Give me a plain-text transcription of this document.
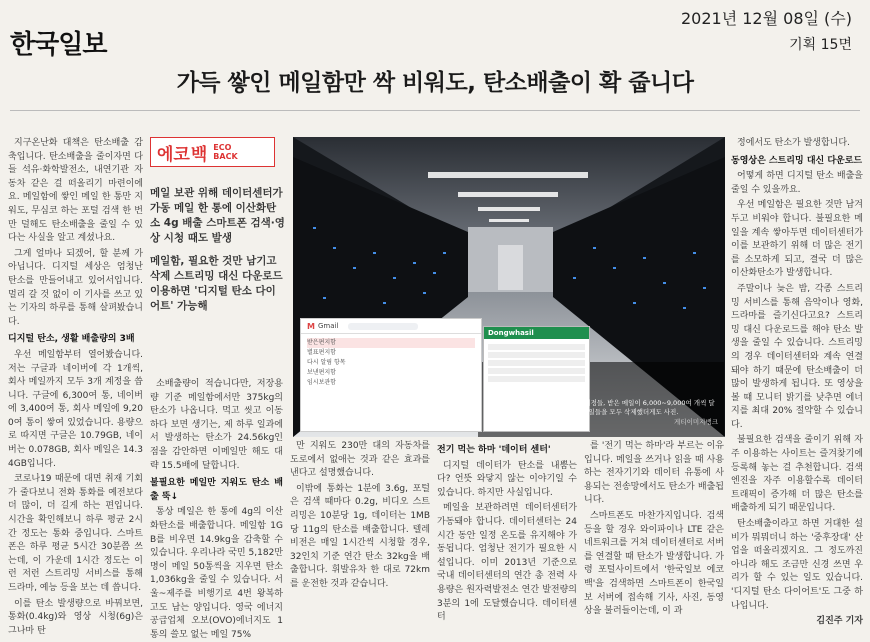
한국일보
2021년 12월 08일 (수)
기획 15면
가득 쌓인 메일함만 싹 비워도, 탄소배출이 확 줍니다

지구온난화 대책은 탄소배출 감축입니다. 탄소배출을 줄이자면 다들 석유·화학발전소, 내연기관 자동차 같은 걸 떠올리기 마련이에요. 메일함에 쌓인 메일 한 통만 지워도, 무심코 하는 포털 검색 한 번만 덜해도 탄소배출을 줄일 수 있다는 사실을 알고 계셨나요.

그게 얼마나 되겠어, 할 분께 가 아닙니다. 디지털 세상은 엄청난 탄소를 만들어내고 있어서입니다. 멀리 갈 것 없이 이 기사를 쓰고 있는 기자의 하루를 통해 살펴봤습니다.

디지털 탄소, 생활 배출량의 3배

우선 메일함부터 열어봤습니다. 저는 구글과 네이버에 각 1개씩, 회사 메일까지 모두 3개 계정을 씁니다. 구글에 6,300여 통, 네이버에 3,400여 통, 회사 메일에 9,200여 통이 쌓여 있었습니다. 용량으로 따지면 구글은 10.79GB, 네이버는 0.078GB, 회사 메일은 14.34GB입니다.

코로나19 때문에 대면 취재 기회가 줄다보니 전화 통화를 예전보다 더 많이, 더 길게 하는 편입니다. 시간을 확인해보니 하루 평균 2시간 정도는 통화 중입니다. 스마트폰은 하루 평균 5시간 30분쯤 쓰는데, 이 가운데 1시간 정도는 이런 저런 스트리밍 서비스를 통해 드라마, 예능 등을 보는 데 씁니다.

이를 탄소 발생량으로 바꿔보면, 통화(0.4kg)와 영상 시청(6g)은 그나마 탄

에코 백 ECO
BACK

메일 보관 위해 데이터센터가 가동 메일 한 통에 이산화탄소 4g 배출 스마트폰 검색·영상 시청 때도 발생

메일함, 필요한 것만 남기고 삭제 스트리밍 대신 다운로드 이용하면 '디지털 탄소 다이어트' 가능해

M Gmail
받은편지함
별표편지함
다시 알림 항목
보낸편지함
임시보관함
Dongwhasil
데이터센터 내부 모습. 거지와 메일 계정들, 받은 메일이 6,000~9,000여 개씩 달한다. 가시를 작성하면서 불필요한 메일들을 모두 삭제했더게도 사진.
게티이미지뱅크

소배출량이 적습니다만, 저장용량 기준 메일함에서만 375kg의 탄소가 나옵니다. 먹고 씻고 이동하다 보면 생기는, 제 하루 일과에서 발생하는 탄소가 24.56kg인 점을 감안하면 이메일만 해도 대략 15.5배에 달합니다.

불필요한 메일만 지워도 탄소 배출 뚝↓

통상 메일은 한 통에 4g의 이산화탄소를 배출합니다. 메일함 1GB를 비우면 14.9kg을 감축할 수 있습니다. 우리나라 국민 5,182만 명이 메일 50통씩을 지우면 탄소 1,036kg을 줄일 수 있습니다. 서울~제주를 비행기로 4번 왕복하고도 남는 양입니다. 영국 에너지공급업체 오보(OVO)에너지도 1통의 쓸모 없는 메일 75%

만 지워도 230만 대의 자동차를 도로에서 없애는 것과 같은 효과를 낸다고 설명했습니다.

이밖에 통화는 1분에 3.6g, 포털은 검색 때마다 0.2g, 비디오 스트리밍은 10분당 1g, 데이터는 1MB당 11g의 탄소를 배출합니다. 텔레비전은 매일 1시간씩 시청할 경우, 32인치 기준 연간 탄소 32kg을 배출합니다. 휘발유차 한 대로 72km를 운전한 것과 같습니다.

전기 먹는 하마 '데이터 센터'

디지털 데이터가 탄소를 내뿜는다? 언뜻 와닿지 않는 이야기일 수 있습니다. 하지만 사실입니다.

메일을 보관하려면 데이터센터가 가동돼야 합니다. 데이터센터는 24시간 동안 일정 온도를 유지해야 가동됩니다. 엄청난 전기가 필요한 시설입니다. 이미 2013년 기준으로 국내 데이터센터의 연간 총 전력 사용량은 원자력발전소 연간 발전량의 3분의 1에 도달했습니다. 데이터센터

를 '전기 먹는 하마'라 부르는 이유입니다. 메일을 쓰거나 읽을 때 사용하는 전자기기와 데이터 유통에 사용되는 전송망에서도 탄소가 배출됩니다.

스마트폰도 마찬가지입니다. 검색 등을 할 경우 와이파이나 LTE 같은 네트워크를 거쳐 데이터센터로 서버를 연결할 때 탄소가 발생합니다. 가령 포털사이트에서 '한국일보 에코백'을 검색하면 스마트폰이 한국일보 서버에 접속해 기사, 사진, 동영상을 불러들이는데, 이 과

정에서도 탄소가 발생합니다.

동영상은 스트리밍 대신 다운로드

어떻게 하면 디지털 탄소 배출을 줄일 수 있을까요.

우선 메일함은 필요한 것만 남겨두고 비워야 합니다. 불필요한 메일을 계속 쌓아두면 데이터센터가 이를 보관하기 위해 더 많은 전기를 소모하게 되고, 결국 더 많은 이산화탄소가 발생합니다.

주말이나 늦은 밤, 각종 스트리밍 서비스를 통해 음악이나 영화, 드라마를 즐기신다고요? 스트리밍 대신 다운로드를 해야 탄소 발생을 줄일 수 있습니다. 스트리밍의 경우 데이터센터와 계속 연결돼야 하기 때문에 탄소배출이 더 많이 발생하게 됩니다. 또 영상을 볼 때 모니터 밝기를 낮추면 에너지를 최대 20% 절약할 수 있습니다.

불필요한 검색을 줄이기 위해 자주 이용하는 사이트는 즐겨찾기에 등록해 놓는 걸 추천합니다. 검색엔진을 자주 이용할수록 데이터 트래픽이 증가해 더 많은 탄소를 배출하게 되기 때문입니다.

탄소배출이라고 하면 거대한 설비가 뭐뭐더니 하는 '중후장대' 산업을 떠올리겠지요. 그 정도까진 아니라 해도 조금만 신경 쓰면 우리가 할 수 있는 일도 있습니다. '디지털 탄소 다이어트'도 그중 하나입니다.

김진주 기자
